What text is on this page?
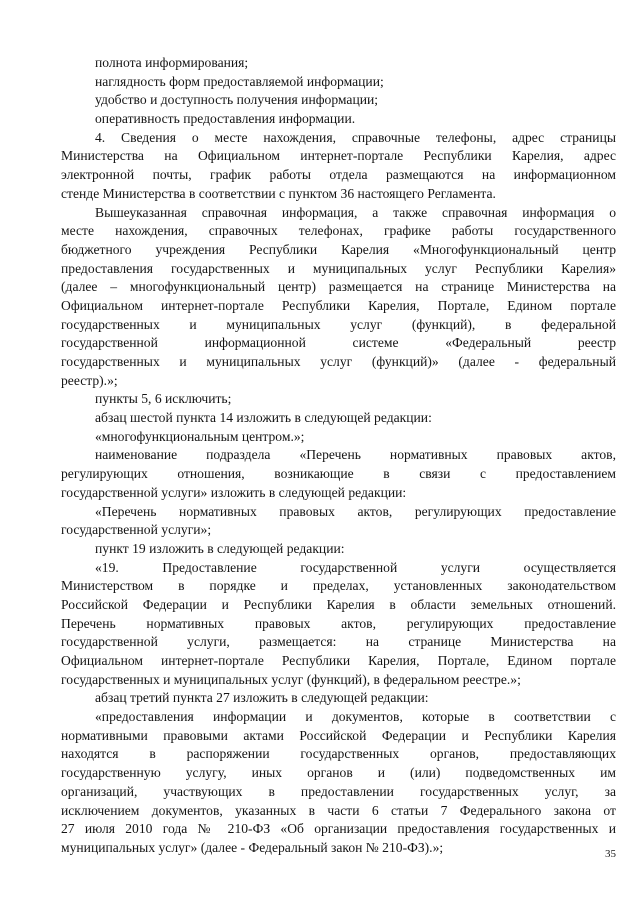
полнота информирования;
наглядность форм предоставляемой информации;
удобство и доступность получения информации;
оперативность предоставления информации.
4. Сведения о месте нахождения, справочные телефоны, адрес страницы
Министерства на Официальном интернет-портале Республики Карелия, адрес
электронной почты, график работы отдела размещаются на информационном
стенде Министерства в соответствии с пунктом 36 настоящего Регламента.
Вышеуказанная справочная информация, а также справочная информация о
месте нахождения, справочных телефонах, графике работы государственного
бюджетного учреждения Республики Карелия «Многофункциональный центр
предоставления государственных и муниципальных услуг Республики Карелия»
(далее – многофункциональный центр) размещается на странице Министерства на
Официальном интернет-портале Республики Карелия, Портале, Едином портале
государственных и муниципальных услуг (функций), в федеральной
государственной информационной системе «Федеральный реестр
государственных и муниципальных услуг (функций)» (далее - федеральный
реестр).»;
пункты 5, 6 исключить;
абзац шестой пункта 14 изложить в следующей редакции:
«многофункциональным центром.»;
наименование подраздела «Перечень нормативных правовых актов,
регулирующих отношения, возникающие в связи с предоставлением
государственной услуги» изложить в следующей редакции:
«Перечень нормативных правовых актов, регулирующих предоставление
государственной услуги»;
пункт 19 изложить в следующей редакции:
«19. Предоставление государственной услуги осуществляется
Министерством в порядке и пределах, установленных законодательством
Российской Федерации и Республики Карелия в области земельных отношений.
Перечень нормативных правовых актов, регулирующих предоставление
государственной услуги, размещается: на странице Министерства на
Официальном интернет-портале Республики Карелия, Портале, Едином портале
государственных и муниципальных услуг (функций), в федеральном реестре.»;
абзац третий пункта 27 изложить в следующей редакции:
«предоставления информации и документов, которые в соответствии с
нормативными правовыми актами Российской Федерации и Республики Карелия
находятся в распоряжении государственных органов, предоставляющих
государственную услугу, иных органов и (или) подведомственных им
организаций, участвующих в предоставлении государственных услуг, за
исключением документов, указанных в части 6 статьи 7 Федерального закона от
27 июля 2010 года № 210-ФЗ «Об организации предоставления государственных и
муниципальных услуг» (далее - Федеральный закон № 210-ФЗ).»;	35
